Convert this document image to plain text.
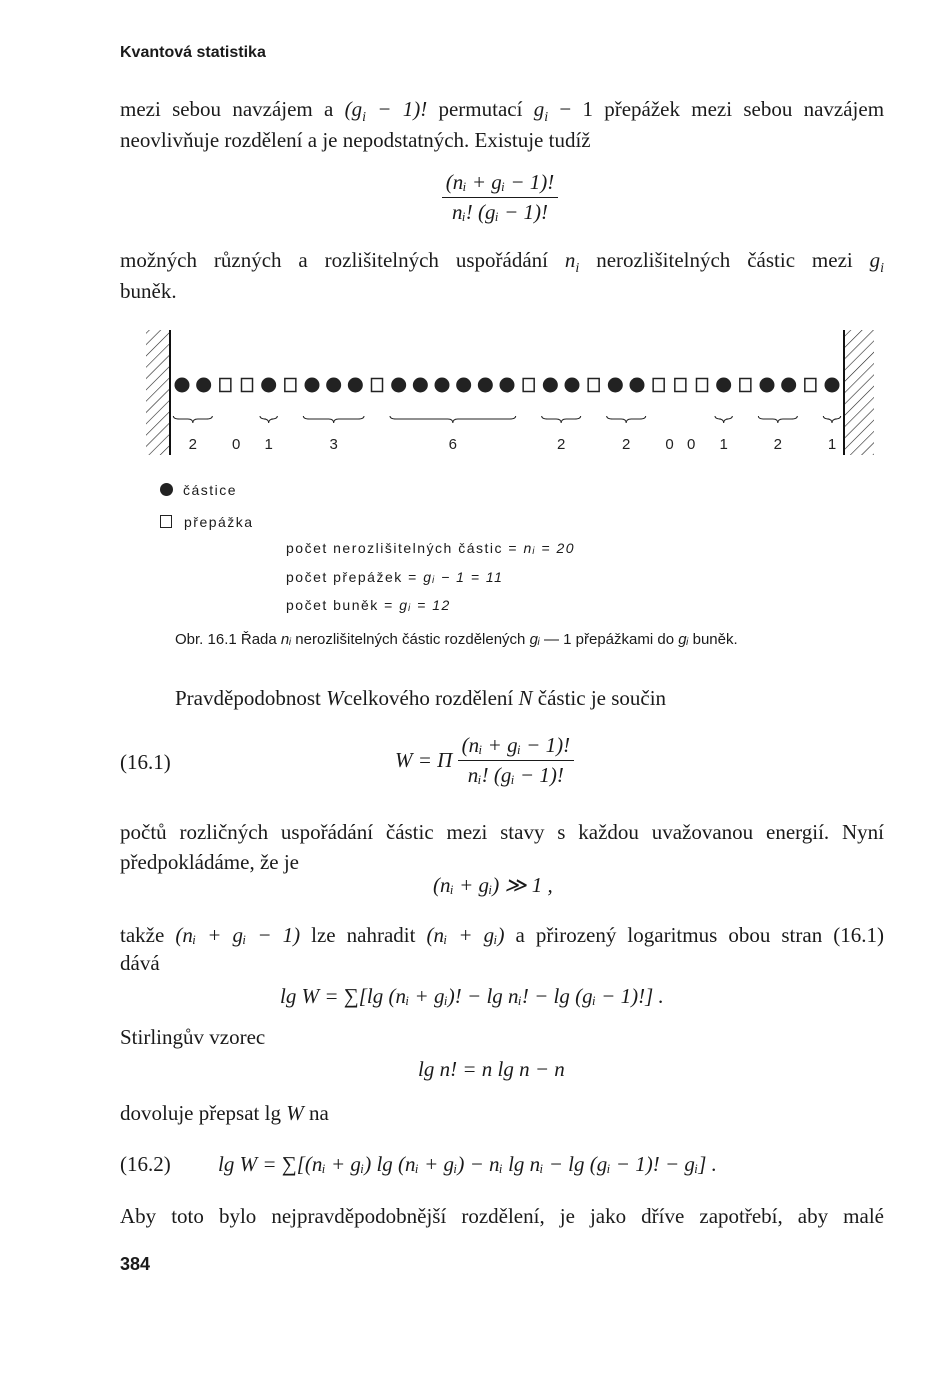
Kvantová statistika
mezi sebou navzájem a $(g_i - 1)$! permutací $g_i - 1$ přepážek mezi sebou navzájem
neovlivňuje rozdělení a je nepodstatných. Existuje tudíž
$\frac{\text{(nᵢ + gᵢ − 1)!}}{\text{nᵢ! (gᵢ − 1)!}}$
možných různých a rozlišitelných uspořádání $n_i$ nerozlišitelných částic mezi $g_i$
buněk.
2 0 1	3	6	2	2 0 0 1	2	1
částice
přepážka
počet nerozlišitelných částic = nᵢ = 20
počet přepážek = gᵢ − 1 = 11
počet buněk = gᵢ = 12
Obr. 16.1 Řada nᵢ nerozlišitelných částic rozdělených gᵢ — 1 přepážkami do gᵢ buněk.
Pravděpodobnost Wcelkového rozdělení N částic je součin
(16.1)	W = Π $\frac{\text{(nᵢ + gᵢ − 1)!}}{\text{nᵢ! (gᵢ − 1)!}}$
počtů rozličných uspořádání částic mezi stavy s každou uvažovanou energií. Nyní
předpokládáme, že je
(nᵢ + gᵢ) ≫ 1 ,
takže (nᵢ + gᵢ − 1) lze nahradit (nᵢ + gᵢ) a přirozený logaritmus obou stran (16.1)
dává
lg W = ∑[lg (nᵢ + gᵢ)! − lg nᵢ! − lg (gᵢ − 1)!] .
Stirlingův vzorec
lg n! = n lg n − n
dovoluje přepsat lg W na
(16.2) lg W = ∑[(nᵢ + gᵢ) lg (nᵢ + gᵢ) − nᵢ lg nᵢ − lg (gᵢ − 1)! − gᵢ] .
Aby toto bylo nejpravděpodobnější rozdělení, je jako dříve zapotřebí, aby malé
384
